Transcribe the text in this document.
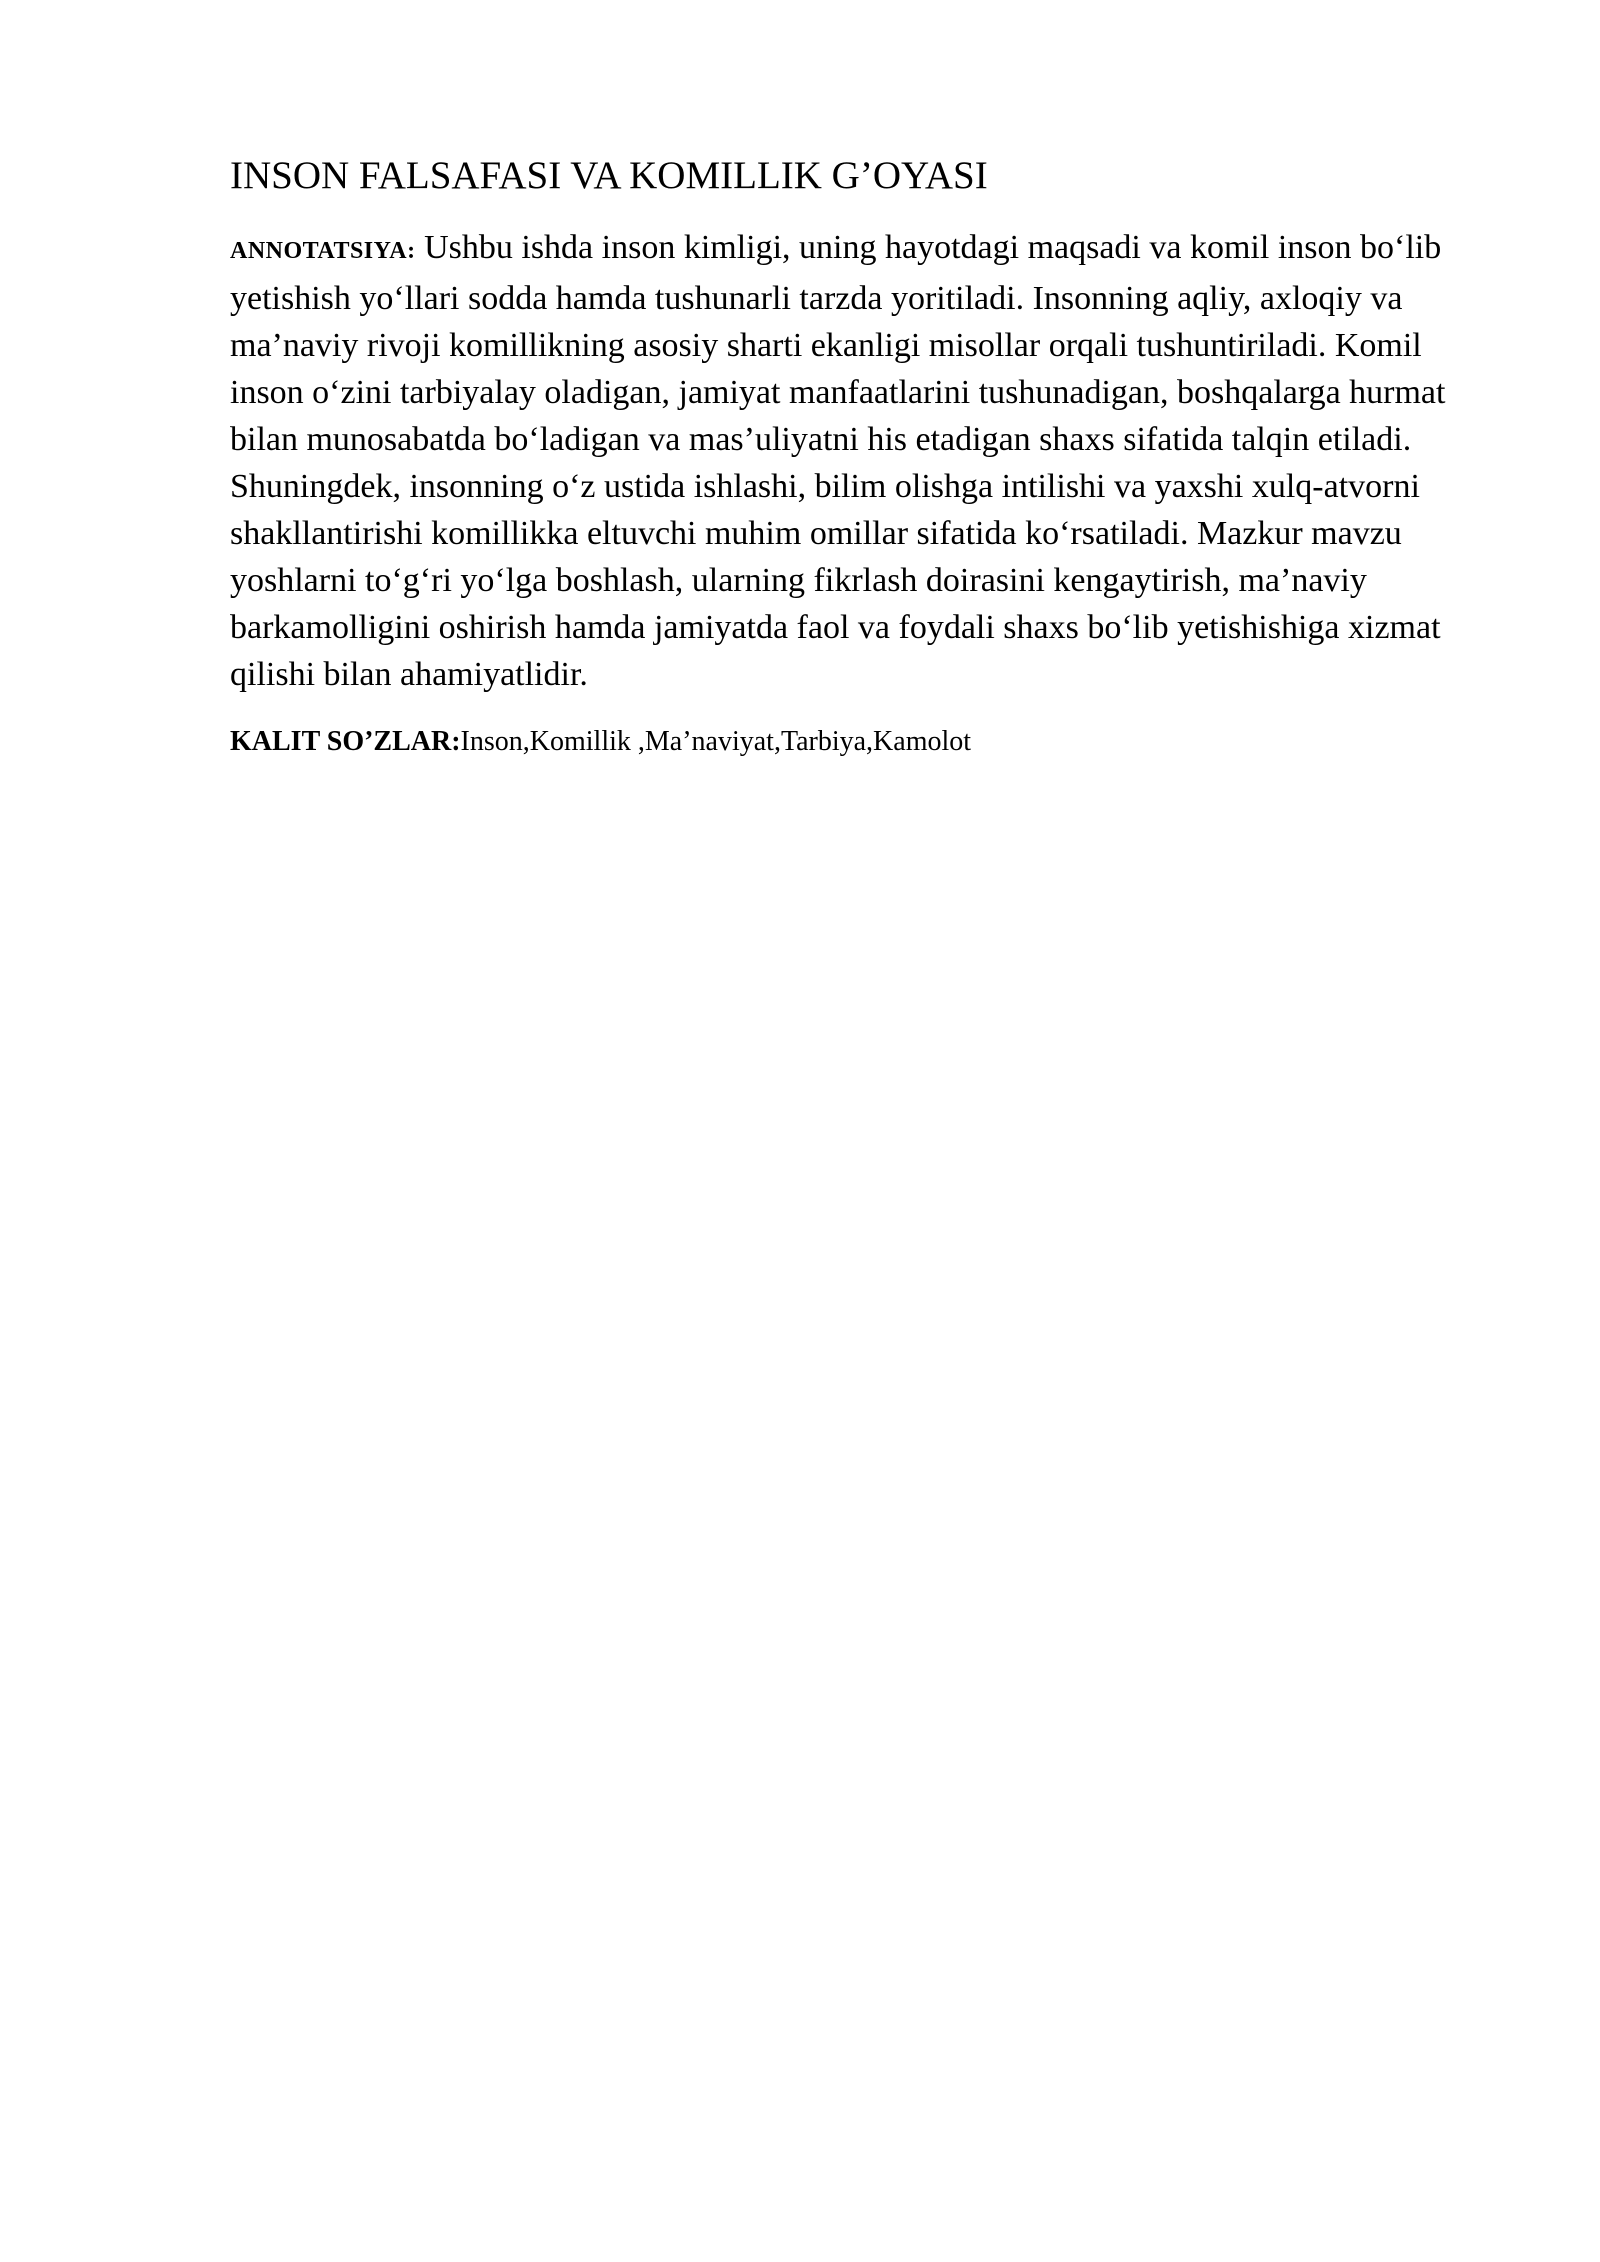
INSON FALSAFASI VA KOMILLIK G’OYASI

ANNOTATSIYA: Ushbu ishda inson kimligi, uning hayotdagi maqsadi va komil inson bo‘lib yetishish yo‘llari sodda hamda tushunarli tarzda yoritiladi. Insonning aqliy, axloqiy va ma’naviy rivoji komillikning asosiy sharti ekanligi misollar orqali tushuntiriladi. Komil inson o‘zini tarbiyalay oladigan, jamiyat manfaatlarini tushunadigan, boshqalarga hurmat bilan munosabatda bo‘ladigan va mas’uliyatni his etadigan shaxs sifatida talqin etiladi. Shuningdek, insonning o‘z ustida ishlashi, bilim olishga intilishi va yaxshi xulq-atvorni shakllantirishi komillikka eltuvchi muhim omillar sifatida ko‘rsatiladi. Mazkur mavzu yoshlarni to‘g‘ri yo‘lga boshlash, ularning fikrlash doirasini kengaytirish, ma’naviy barkamolligini oshirish hamda jamiyatda faol va foydali shaxs bo‘lib yetishishiga xizmat qilishi bilan ahamiyatlidir.

KALIT SO’ZLAR:Inson,Komillik ,Ma’naviyat,Tarbiya,Kamolot
